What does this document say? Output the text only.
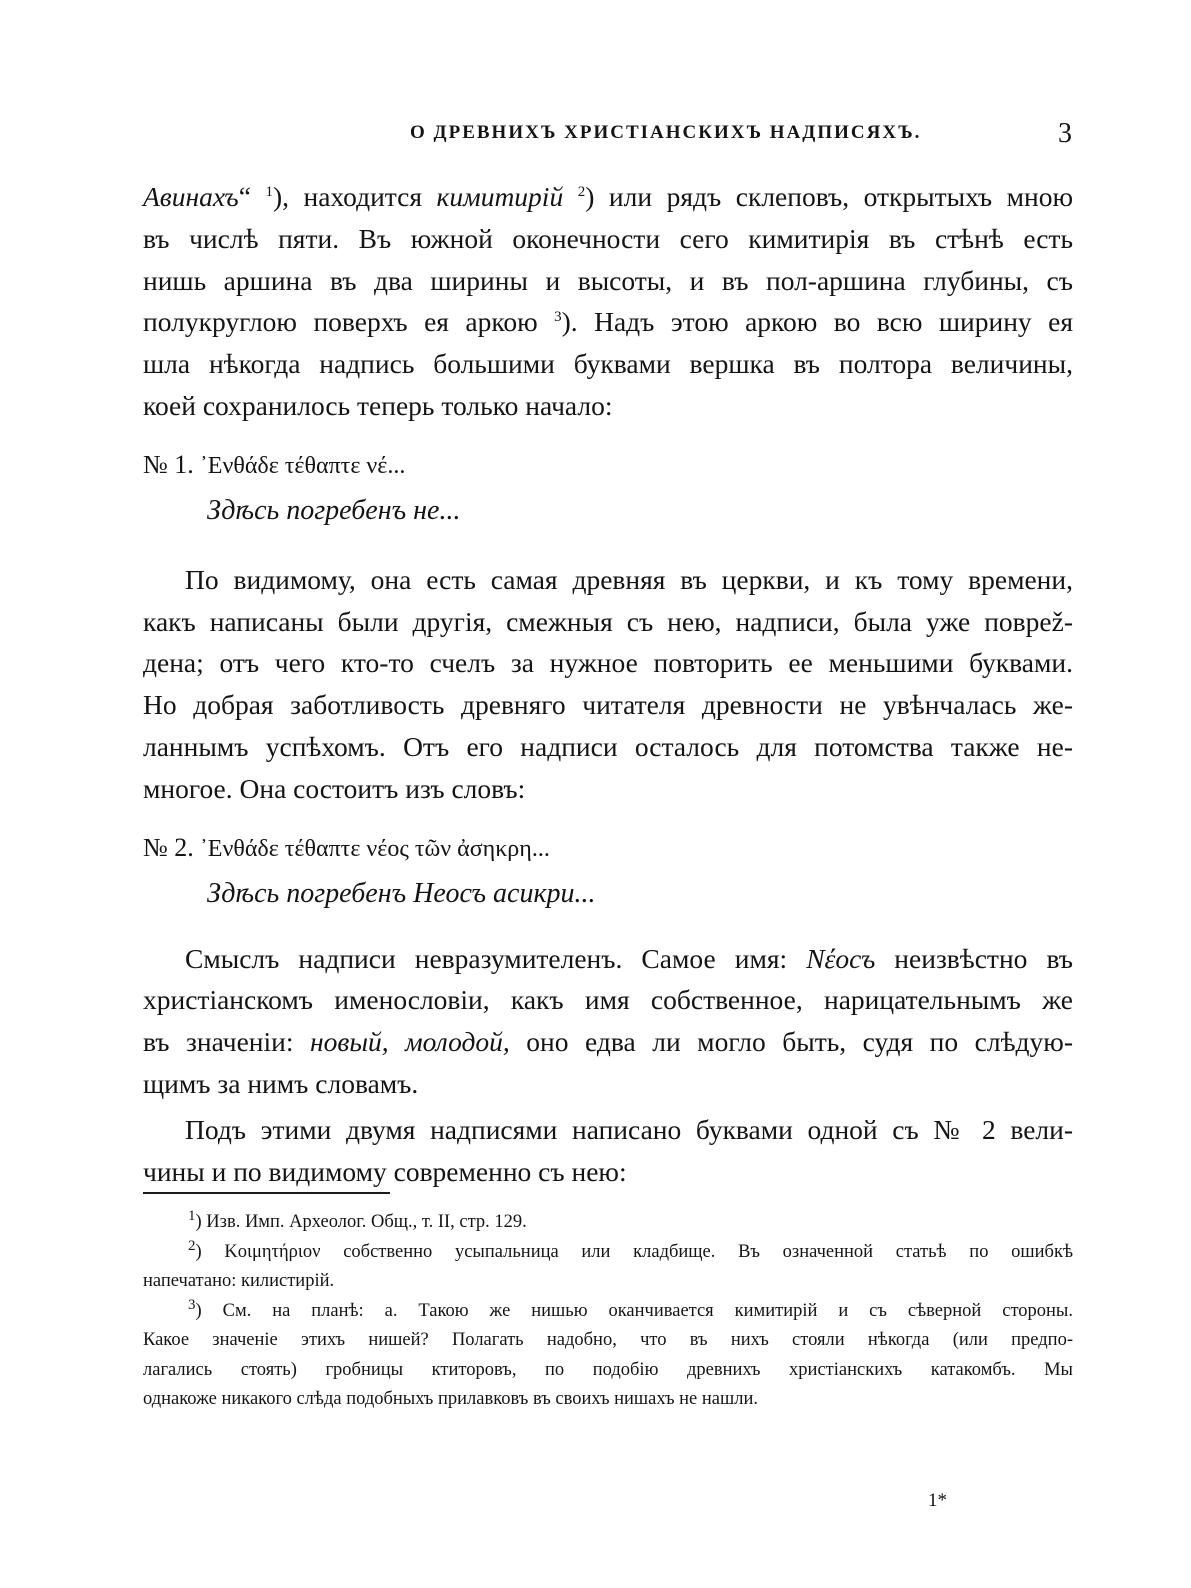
О ДРЕВНИХЪ ХРИСТІАНСКИХЪ НАДПИСЯХЪ.	3
Авинахъ“ $^1$), находится кимитирій $^2$) или рядъ склеповъ, открытыхъ мною
въ числѣ пяти. Въ южной оконечности сего кимитирія въ стѣнѣ есть
нишь аршина въ два ширины и высоты, и въ пол-аршина глубины, съ
полукруглою поверхъ ея аркою $^3$). Надъ этою аркою во всю ширину ея
шла нѣкогда надпись большими буквами вершка въ полтора величины,
коей сохранилось теперь только начало:
№ 1. ᾿Ενθάδε τέθαπτε νέ...
Здѣсь погребенъ не...
По видимому, она есть самая древняя въ церкви, и къ тому времени,
какъ написаны были другія, смежныя съ нею, надписи, была уже поврež-
дена; отъ чего кто-то счелъ за нужное повторить ее меньшими буквами.
Но добрая заботливость древняго читателя древности не увѣнчалась же-
ланнымъ успѣхомъ. Отъ его надписи осталось для потомства также не-
многое. Она состоитъ изъ словъ:
№ 2. ᾿Ενθάδε τέθαπτε νέος τῶν ἀσηκρη...
Здѣсь погребенъ Неосъ асикри...
Смыслъ надписи невразумителенъ. Самое имя: Νέосъ неизвѣстно въ
христіанскомъ именословіи, какъ имя собственное, нарицательнымъ же
въ значеніи: новый, молодой, оно едва ли могло быть, судя по слѣдую-
щимъ за нимъ словамъ.
Подъ этими двумя надписями написано буквами одной съ № 2 вели-
чины и по видимому современно съ нею:
$^1$) Изв. Имп. Археолог. Общ., т. II, стр. 129.
$^2$) Κοιμητήριον собственно усыпальница или кладбище. Въ означенной статьѣ по ошибкѣ
напечатано: килистирій.
$^3$) См. на планѣ: а. Такою же нишью оканчивается кимитирій и съ сѣверной стороны.
Какое значеніе этихъ нишей? Полагать надобно, что въ нихъ стояли нѣкогда (или предпо-
лагались стоять) гробницы ктиторовъ, по подобію древнихъ христіанскихъ катакомбъ. Мы
однакоже никакого слѣда подобныхъ прилавковъ въ своихъ нишахъ не нашли.
1*
